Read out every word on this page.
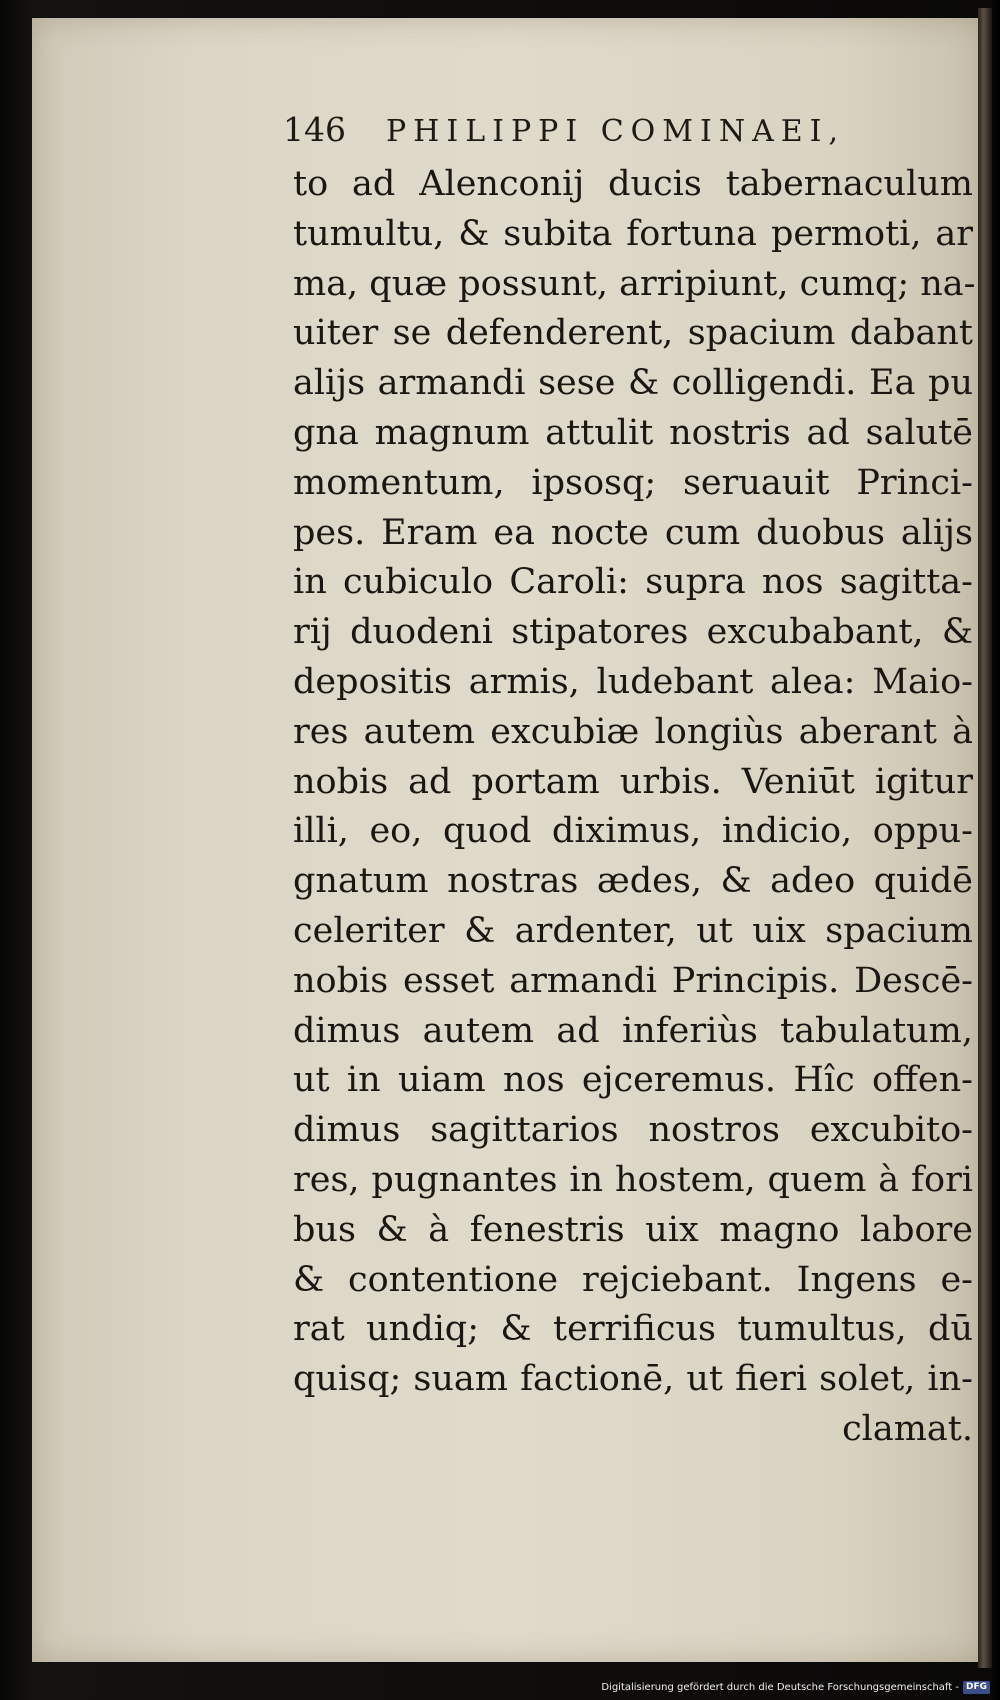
146 PHILIPPI COMINAEI,
to ad Alenconij ducis tabernaculum
tumultu, & subita fortuna permoti, ar
ma, quæ possunt, arripiunt, cumq; na-
uiter se defenderent, spacium dabant
alijs armandi sese & colligendi. Ea pu
gna magnum attulit nostris ad salutē
momentum, ipsosq; seruauit Princi-
pes. Eram ea nocte cum duobus alijs
in cubiculo Caroli: supra nos sagitta-
rij duodeni stipatores excubabant, &
depositis armis, ludebant alea: Maio-
res autem excubiæ longiùs aberant à
nobis ad portam urbis. Veniūt igitur
illi, eo, quod diximus, indicio, oppu-
gnatum nostras ædes, & adeo quidē
celeriter & ardenter, ut uix spacium
nobis esset armandi Principis. Descē-
dimus autem ad inferiùs tabulatum,
ut in uiam nos ejceremus. Hîc offen-
dimus sagittarios nostros excubito-
res, pugnantes in hostem, quem à fori
bus & à fenestris uix magno labore
& contentione rejciebant. Ingens e-
rat undiq; & terrificus tumultus, dū
quisq; suam factionē, ut fieri solet, in-
clamat.
Digitalisierung gefördert durch die Deutsche Forschungsgemeinschaft - DFG
